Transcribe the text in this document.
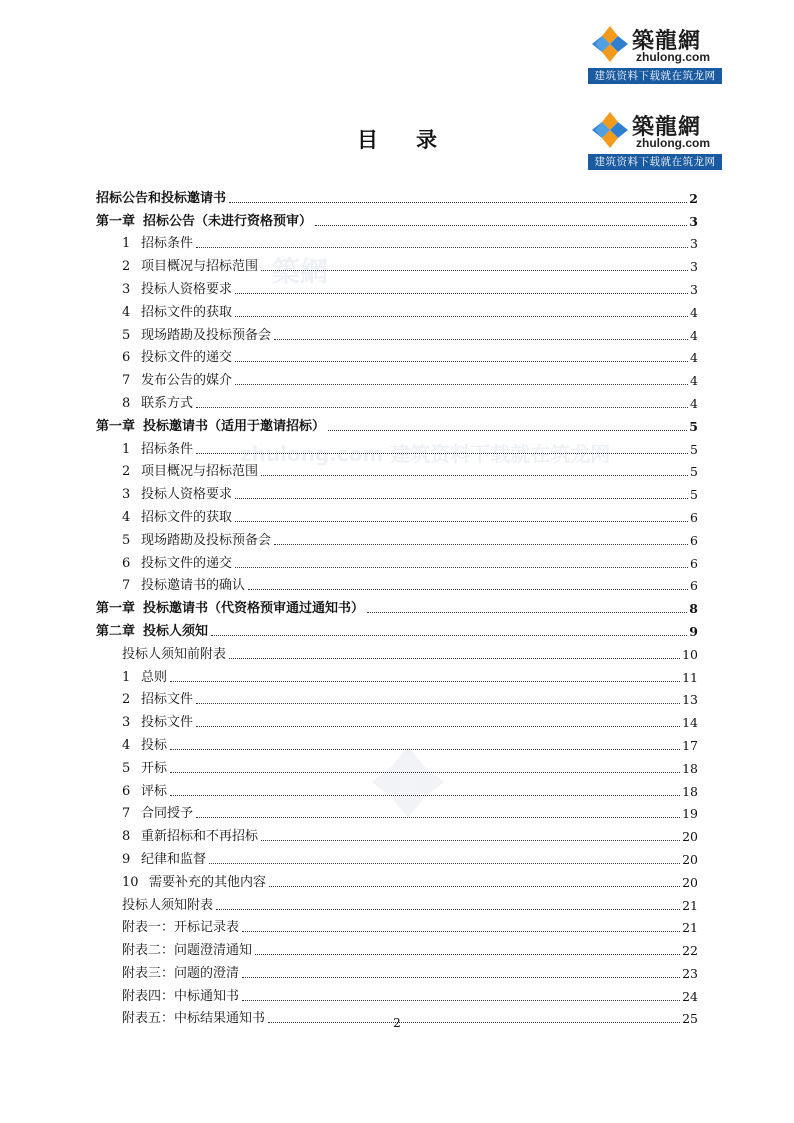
築龍網
zhulong.com
建筑资料下载就在筑龙网
築龍網
zhulong.com
建筑资料下载就在筑龙网
築網
zhulong.com 建筑资料下载就在筑龙网
目 录
招标公告和投标邀请书	2
第一章 招标公告（未进行资格预审）	3
1 招标条件	3
2 项目概况与招标范围	3
3 投标人资格要求	3
4 招标文件的获取	4
5 现场踏勘及投标预备会	4
6 投标文件的递交	4
7 发布公告的媒介	4
8 联系方式	4
第一章 投标邀请书（适用于邀请招标）	5
1 招标条件	5
2 项目概况与招标范围	5
3 投标人资格要求	5
4 招标文件的获取	6
5 现场踏勘及投标预备会	6
6 投标文件的递交	6
7 投标邀请书的确认	6
第一章 投标邀请书（代资格预审通过通知书）	8
第二章 投标人须知	9
投标人须知前附表	10
1 总则	11
2 招标文件	13
3 投标文件	14
4 投标	17
5 开标	18
6 评标	18
7 合同授予	19
8 重新招标和不再招标	20
9 纪律和监督	20
10 需要补充的其他内容	20
投标人须知附表	21
附表一：开标记录表	21
附表二：问题澄清通知	22
附表三：问题的澄清	23
附表四：中标通知书	24
附表五：中标结果通知书	25
2
